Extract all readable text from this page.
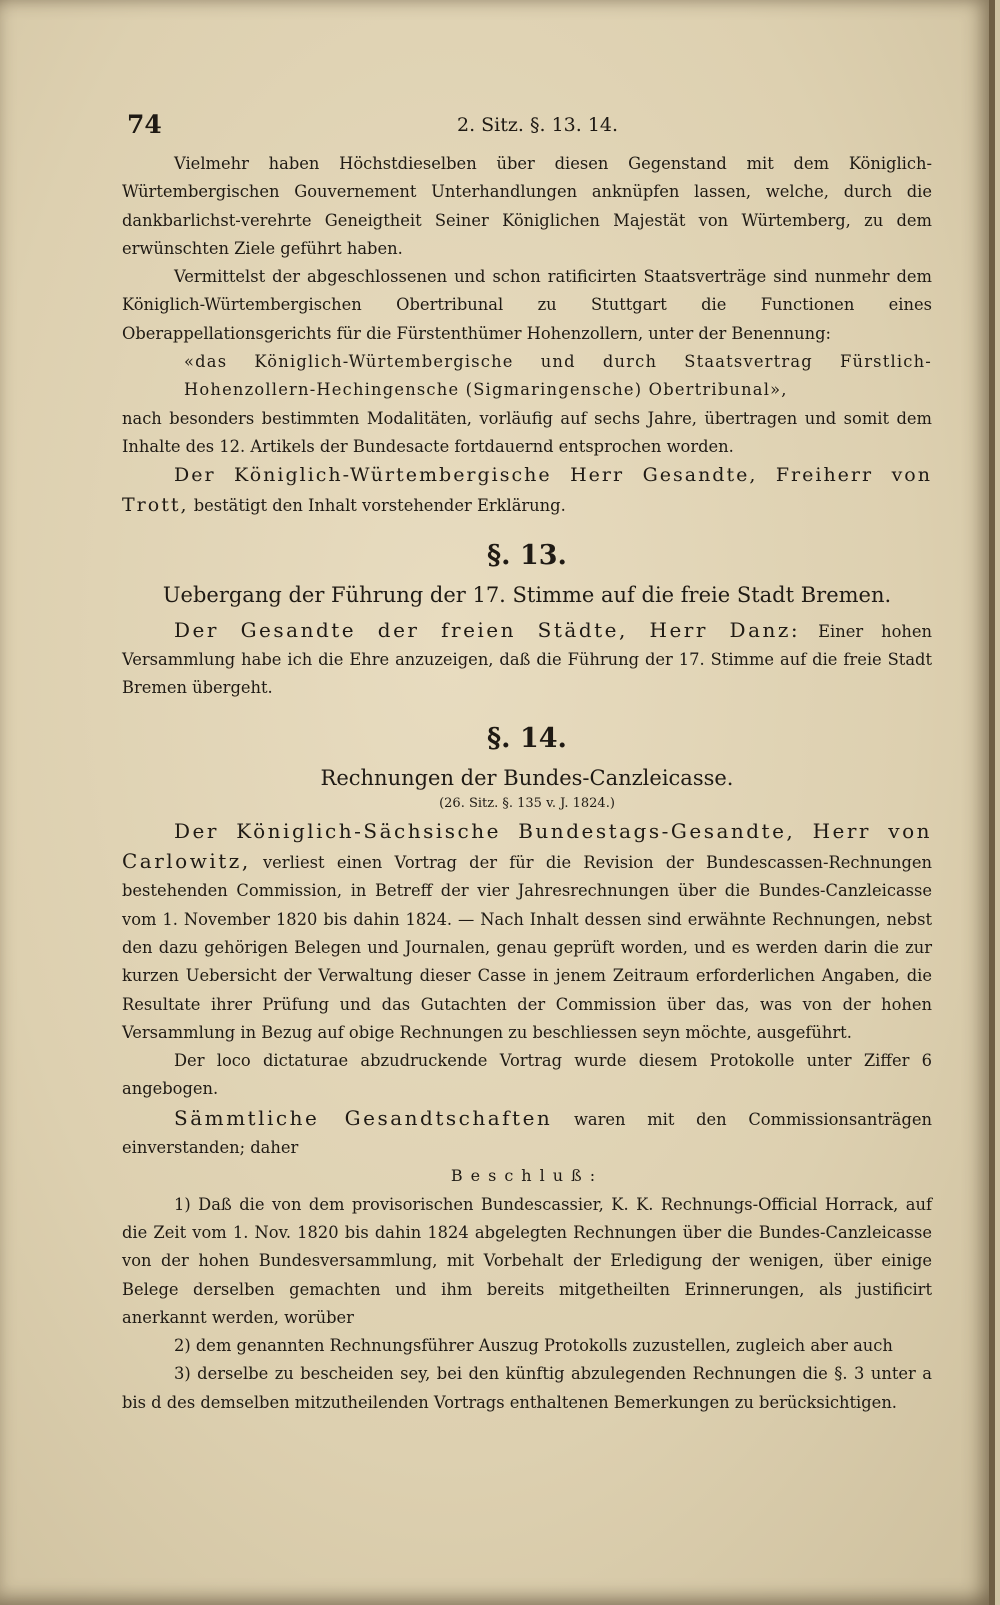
74	2. Sitz. §. 13. 14.

Vielmehr haben Höchstdieselben über diesen Gegenstand mit dem Königlich-Würtembergischen Gouvernement Unterhandlungen anknüpfen lassen, welche, durch die dankbarlichst-verehrte Geneigtheit Seiner Königlichen Majestät von Würtemberg, zu dem erwünschten Ziele geführt haben.

Vermittelst der abgeschlossenen und schon ratificirten Staatsverträge sind nunmehr dem Königlich-Würtembergischen Obertribunal zu Stuttgart die Functionen eines Oberappellationsgerichts für die Fürstenthümer Hohenzollern, unter der Benennung:

«das Königlich-Würtembergische und durch Staatsvertrag Fürstlich-Hohenzollern-Hechingensche (Sigmaringensche) Obertribunal»,

nach besonders bestimmten Modalitäten, vorläufig auf sechs Jahre, übertragen und somit dem Inhalte des 12. Artikels der Bundesacte fortdauernd entsprochen worden.

Der Königlich-Würtembergische Herr Gesandte, Freiherr von Trott, bestätigt den Inhalt vorstehender Erklärung.

§. 13.
Uebergang der Führung der 17. Stimme auf die freie Stadt Bremen.

Der Gesandte der freien Städte, Herr Danz: Einer hohen Versammlung habe ich die Ehre anzuzeigen, daß die Führung der 17. Stimme auf die freie Stadt Bremen übergeht.

§. 14.
Rechnungen der Bundes-Canzleicasse.
(26. Sitz. §. 135 v. J. 1824.)

Der Königlich-Sächsische Bundestags-Gesandte, Herr von Carlowitz, verliest einen Vortrag der für die Revision der Bundescassen-Rechnungen bestehenden Commission, in Betreff der vier Jahresrechnungen über die Bundes-Canzleicasse vom 1. November 1820 bis dahin 1824. — Nach Inhalt dessen sind erwähnte Rechnungen, nebst den dazu gehörigen Belegen und Journalen, genau geprüft worden, und es werden darin die zur kurzen Uebersicht der Verwaltung dieser Casse in jenem Zeitraum erforderlichen Angaben, die Resultate ihrer Prüfung und das Gutachten der Commission über das, was von der hohen Versammlung in Bezug auf obige Rechnungen zu beschliessen seyn möchte, ausgeführt.

Der loco dictaturae abzudruckende Vortrag wurde diesem Protokolle unter Ziffer 6 angebogen.

Sämmtliche Gesandtschaften waren mit den Commissionsanträgen einverstanden; daher

Beschluß:

1) Daß die von dem provisorischen Bundescassier, K. K. Rechnungs-Official Horrack, auf die Zeit vom 1. Nov. 1820 bis dahin 1824 abgelegten Rechnungen über die Bundes-Canzleicasse von der hohen Bundesversammlung, mit Vorbehalt der Erledigung der wenigen, über einige Belege derselben gemachten und ihm bereits mitgetheilten Erinnerungen, als justificirt anerkannt werden, worüber

2) dem genannten Rechnungsführer Auszug Protokolls zuzustellen, zugleich aber auch

3) derselbe zu bescheiden sey, bei den künftig abzulegenden Rechnungen die §. 3 unter a bis d des demselben mitzutheilenden Vortrags enthaltenen Bemerkungen zu berücksichtigen.
